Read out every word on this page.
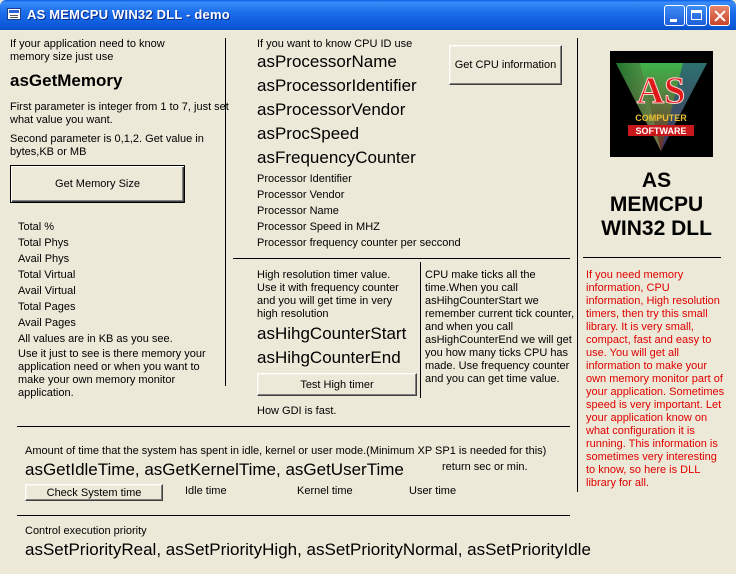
AS MEMCPU WIN32 DLL - demo
If your application need to know memory size just use
asGetMemory
First parameter is integer from 1 to 7, just set what value you want.
Second parameter is 0,1,2. Get value in bytes,KB or MB
Get Memory Size
Total %
Total Phys
Avail Phys
Total Virtual
Avail Virtual
Total Pages
Avail Pages
All values are in KB as you see.
Use it just to see is there memory your application need or when you want to make your own memory monitor application.
If you want to know CPU ID use
Get CPU information
asProcessorName
asProcessorIdentifier
asProcessorVendor
asProcSpeed
asFrequencyCounter
Processor Identifier
Processor Vendor
Processor Name
Processor Speed in MHZ
Processor frequency counter per seccond
High resolution timer value. Use it with frequency counter and you will get time in very high resolution
asHihgCounterStart
asHihgCounterEnd
Test High timer
How GDI is fast.
CPU make ticks all the time.When you call asHihgCounterStart we remember current tick counter, and when you call asHighCounterEnd we will get you how many ticks CPU has made. Use frequency counter and you can get time value.
Amount of time that the system has spent in idle, kernel or user mode.(Minimum XP SP1 is needed for this)
asGetIdleTime, asGetKernelTime, asGetUserTime	return sec or min.
Check System time	Idle time	Kernel time	User time
Control execution priority
asSetPriorityReal, asSetPriorityHigh, asSetPriorityNormal, asSetPriorityIdle
AS
COMPUTER
SOFTWARE
AS
MEMCPU
WIN32 DLL
If you need memory information, CPU information, High resolution timers, then try this small library. It is very small, compact, fast and easy to use. You will get all information to make your own memory monitor part of your application. Sometimes speed is very important. Let your application know on what configuration it is running. This information is sometimes very interesting to know, so here is DLL library for all.
